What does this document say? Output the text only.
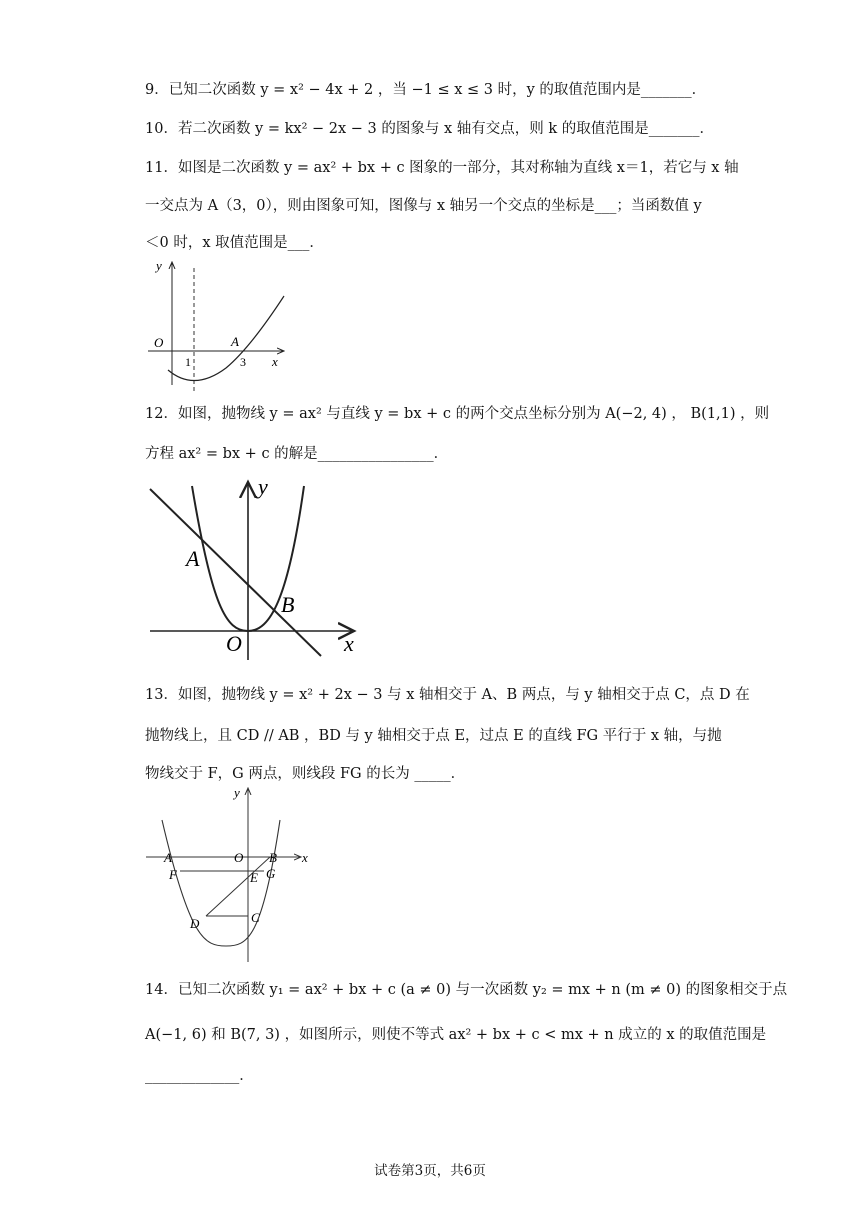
9．已知二次函数 y = x² − 4x + 2 ，当 −1 ≤ x ≤ 3 时，y 的取值范围内是_______．
10．若二次函数 y = kx² − 2x − 3 的图象与 x 轴有交点，则 k 的取值范围是_______．
11．如图是二次函数 y = ax² + bx + c 图象的一部分，其对称轴为直线 x＝1，若它与 x 轴
一交点为 A（3，0），则由图象可知，图像与 x 轴另一个交点的坐标是___；当函数值 y
＜0 时，x 取值范围是___．
y
x
O	A
1	3
12．如图，抛物线 y = ax² 与直线 y = bx + c 的两个交点坐标分别为 A(−2, 4) ， B(1,1) ，则
方程 ax² = bx + c 的解是________________．
y
x
O
A
B
13．如图，抛物线 y = x² + 2x − 3 与 x 轴相交于 A、B 两点，与 y 轴相交于点 C，点 D 在
抛物线上，且 CD // AB ，BD 与 y 轴相交于点 E，过点 E 的直线 FG 平行于 x 轴，与抛
物线交于 F，G 两点，则线段 FG 的长为 _____．
y
x
A	O B
F	E G
D	C
14．已知二次函数 y₁ = ax² + bx + c (a ≠ 0) 与一次函数 y₂ = mx + n (m ≠ 0) 的图象相交于点
A(−1, 6) 和 B(7, 3) ，如图所示，则使不等式 ax² + bx + c < mx + n 成立的 x 的取值范围是
_____________．
试卷第3页，共6页
